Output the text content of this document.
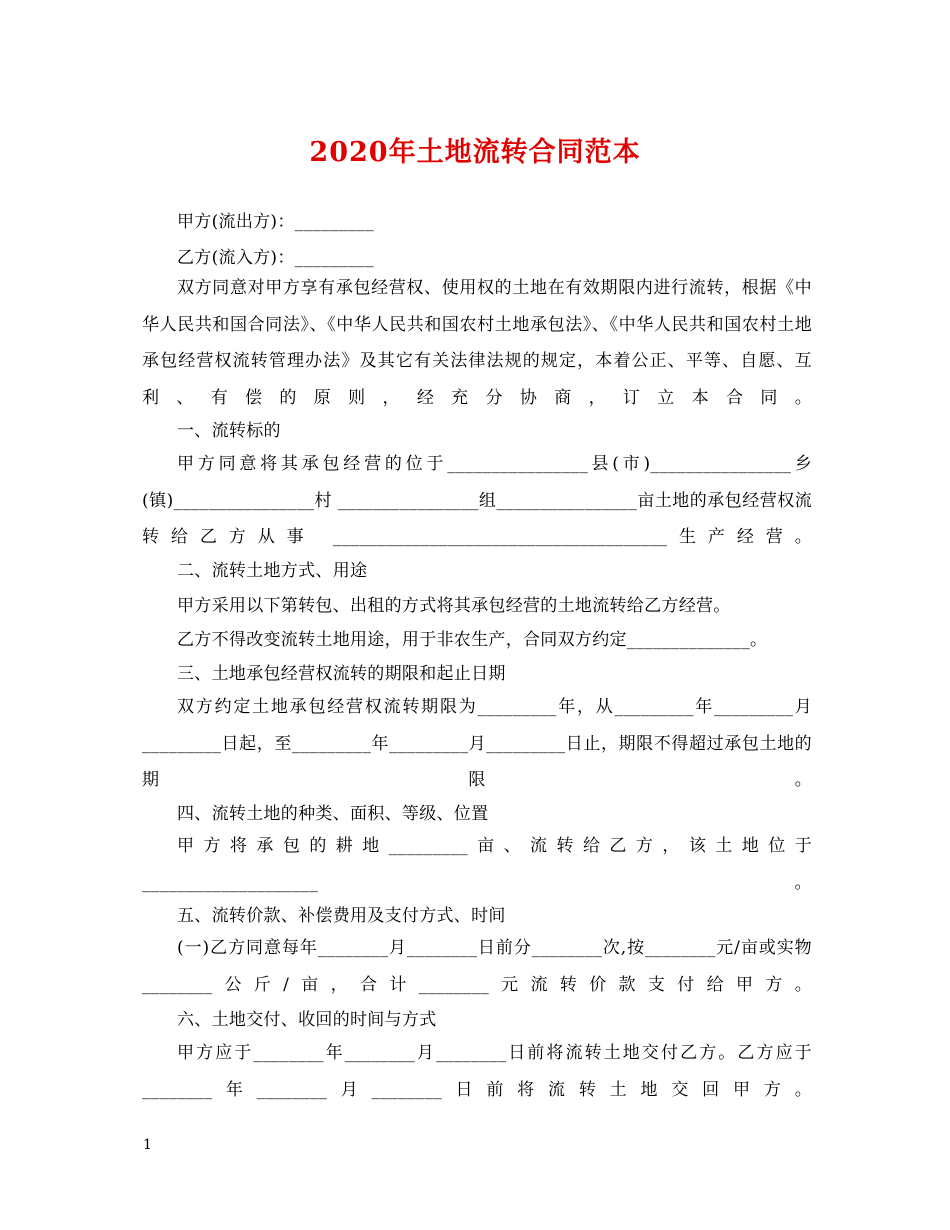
2020年土地流转合同范本
甲方(流出方)：_________
乙方(流入方)：_________
双方同意对甲方享有承包经营权、使用权的土地在有效期限内进行流转，根据《中华人民共和国合同法》、《中华人民共和国农村土地承包法》、《中华人民共和国农村土地承包经营权流转管理办法》及其它有关法律法规的规定，本着公正、平等、自愿、互利、有偿的原则，经充分协商，订立本合同。
一、流转标的
甲方同意将其承包经营的位于________________县(市)________________乡(镇)________________村 ________________组________________亩土地的承包经营权流转给乙方从事 ______________________________________生产经营。
二、流转土地方式、用途
甲方采用以下第转包、出租的方式将其承包经营的土地流转给乙方经营。
乙方不得改变流转土地用途，用于非农生产，合同双方约定______________。
三、土地承包经营权流转的期限和起止日期
双方约定土地承包经营权流转期限为_________年，从_________年_________月_________日起，至_________年_________月_________日止，期限不得超过承包土地的期限。
四、流转土地的种类、面积、等级、位置
甲方将承包的耕地_________亩、流转给乙方，该土地位于____________________。
五、流转价款、补偿费用及支付方式、时间
(一)乙方同意每年________月________日前分________次,按________元/亩或实物________公斤/亩，合计________元流转价款支付给甲方。
六、土地交付、收回的时间与方式
甲方应于________年________月________日前将流转土地交付乙方。乙方应于________年________月________日前将流转土地交回甲方。
1
